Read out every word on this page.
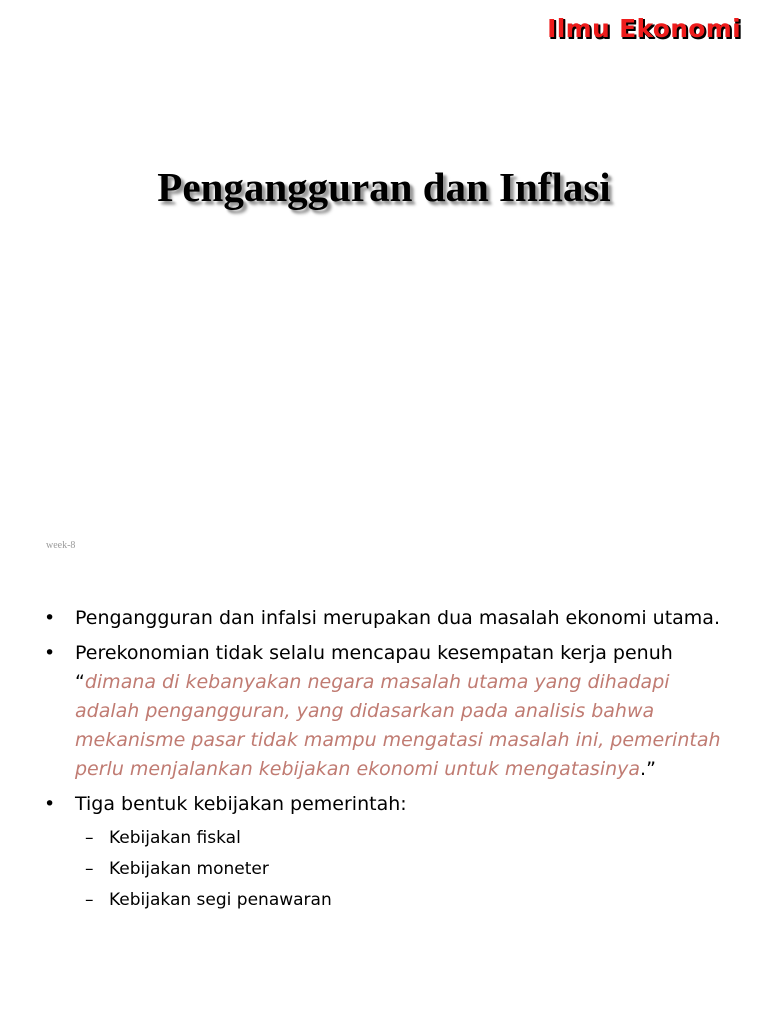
Ilmu Ekonomi
Pengangguran dan Inflasi
week-8
•	Pengangguran dan infalsi merupakan dua masalah ekonomi utama.
•	Perekonomian tidak selalu mencapau kesempatan kerja penuh
“dimana di kebanyakan negara masalah utama yang dihadapi adalah pengangguran, yang didasarkan pada analisis bahwa mekanisme pasar tidak mampu mengatasi masalah ini, pemerintah perlu menjalankan kebijakan ekonomi untuk mengatasinya.”
•	Tiga bentuk kebijakan pemerintah:
– Kebijakan fiskal
– Kebijakan moneter
– Kebijakan segi penawaran
